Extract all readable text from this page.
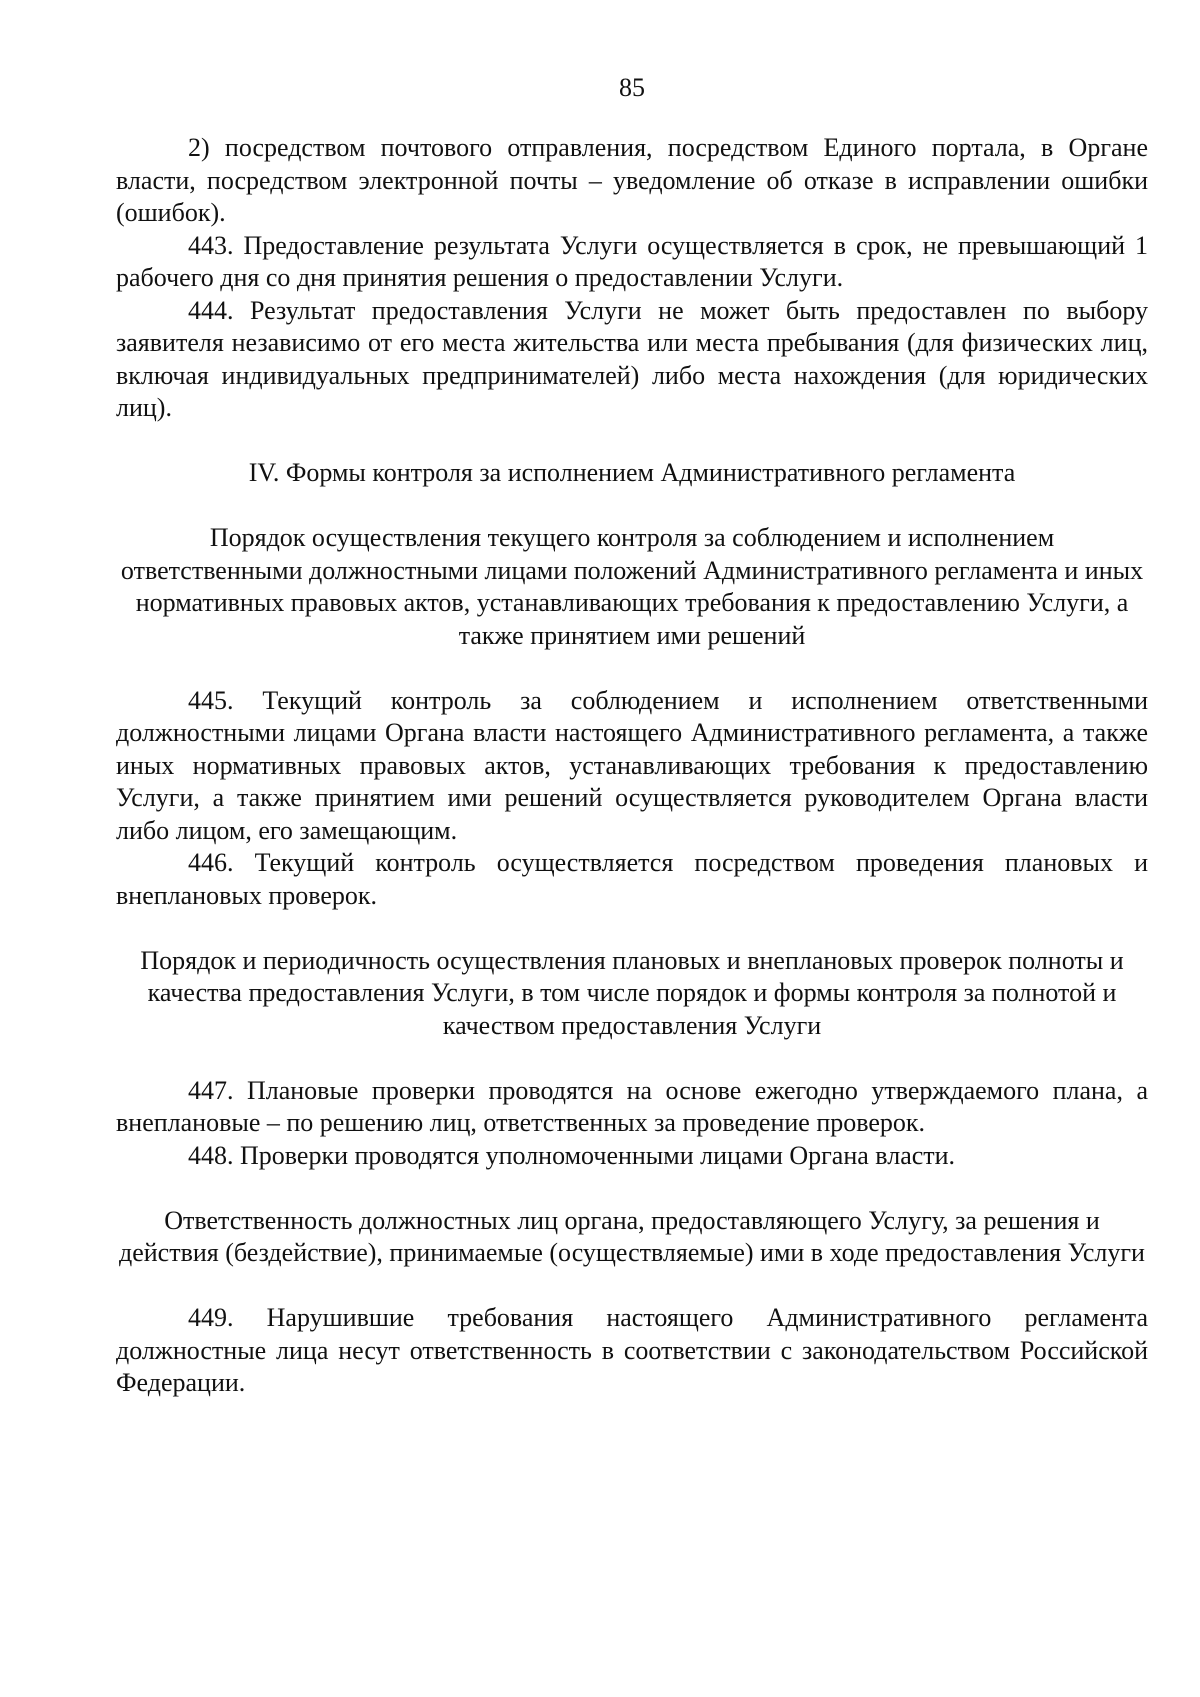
85

2) посредством почтового отправления, посредством Единого портала, в Органе власти, посредством электронной почты – уведомление об отказе в исправлении ошибки (ошибок).

443. Предоставление результата Услуги осуществляется в срок, не превышающий 1 рабочего дня со дня принятия решения о предоставлении Услуги.

444. Результат предоставления Услуги не может быть предоставлен по выбору заявителя независимо от его места жительства или места пребывания (для физических лиц, включая индивидуальных предпринимателей) либо места нахождения (для юридических лиц).

IV. Формы контроля за исполнением Административного регламента

Порядок осуществления текущего контроля за соблюдением и исполнением ответственными должностными лицами положений Административного регламента и иных нормативных правовых актов, устанавливающих требования к предоставлению Услуги, а также принятием ими решений

445. Текущий контроль за соблюдением и исполнением ответственными должностными лицами Органа власти настоящего Административного регламента, а также иных нормативных правовых актов, устанавливающих требования к предоставлению Услуги, а также принятием ими решений осуществляется руководителем Органа власти либо лицом, его замещающим.

446. Текущий контроль осуществляется посредством проведения плановых и внеплановых проверок.

Порядок и периодичность осуществления плановых и внеплановых проверок полноты и качества предоставления Услуги, в том числе порядок и формы контроля за полнотой и качеством предоставления Услуги

447. Плановые проверки проводятся на основе ежегодно утверждаемого плана, а внеплановые – по решению лиц, ответственных за проведение проверок.

448. Проверки проводятся уполномоченными лицами Органа власти.

Ответственность должностных лиц органа, предоставляющего Услугу, за решения и действия (бездействие), принимаемые (осуществляемые) ими в ходе предоставления Услуги

449. Нарушившие требования настоящего Административного регламента должностные лица несут ответственность в соответствии с законодательством Российской Федерации.
